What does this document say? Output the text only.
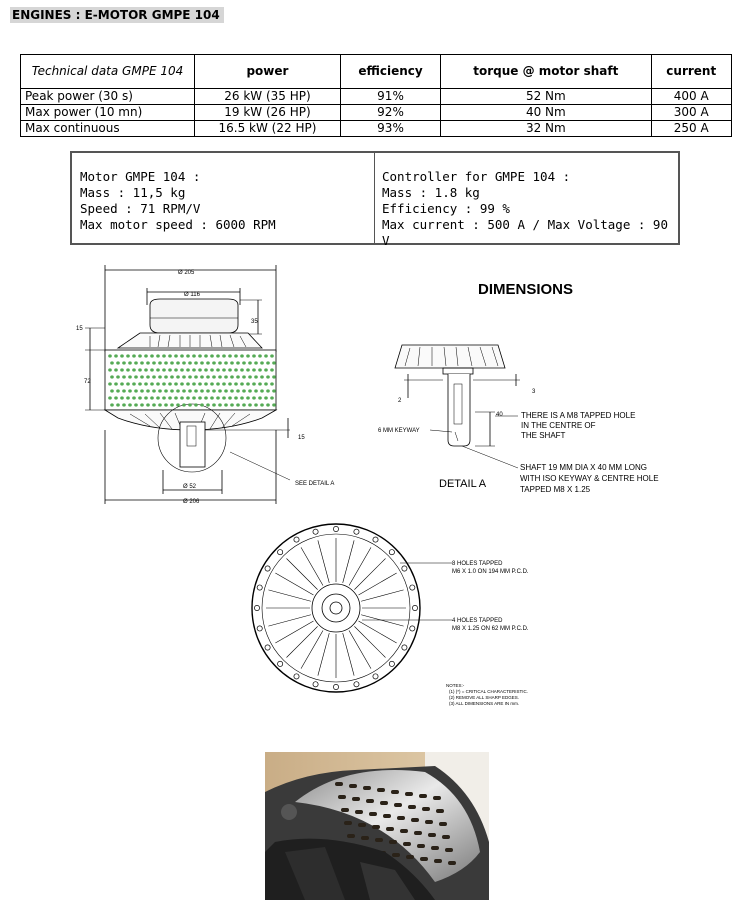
ENGINES : E-MOTOR GMPE 104
Technical data GMPE 104	power	efficiency	torque @ motor shaft	current
Peak power (30 s)	26 kW (35 HP)	91%	52 Nm	400 A
Max power (10 mn)	19 kW (26 HP)	92%	40 Nm	300 A
Max continuous	16.5 kW (22 HP)	93%	32 Nm	250 A
Motor GMPE 104 :
Mass : 11,5 kg
Speed : 71 RPM/V
Max motor speed : 6000 RPM
Controller for GMPE 104 :
Mass : 1.8 kg
Efficiency : 99 %
Max current : 500 A / Max Voltage : 90 V
DIMENSIONS
Ø 205
Ø 116
35
15
72
15
Ø 52
Ø 206
SEE DETAIL A
2
3
40
6 MM KEYWAY
THERE IS A M8 TAPPED HOLE
IN THE CENTRE OF
THE SHAFT
DETAIL A
SHAFT 19 MM DIA X 40 MM LONG
WITH ISO KEYWAY & CENTRE HOLE
TAPPED M8 X 1.25
8 HOLES TAPPED
M6 X 1.0 ON 194 MM P.C.D.
4 HOLES TAPPED
M8 X 1.25 ON 62 MM P.C.D.
NOTES:-
(1) (*) = CRITICAL CHARACTERISTIC.
(2) REMOVE ALL SHARP EDGES.
(3) ALL DIMENSIONS ARE IN mm.
